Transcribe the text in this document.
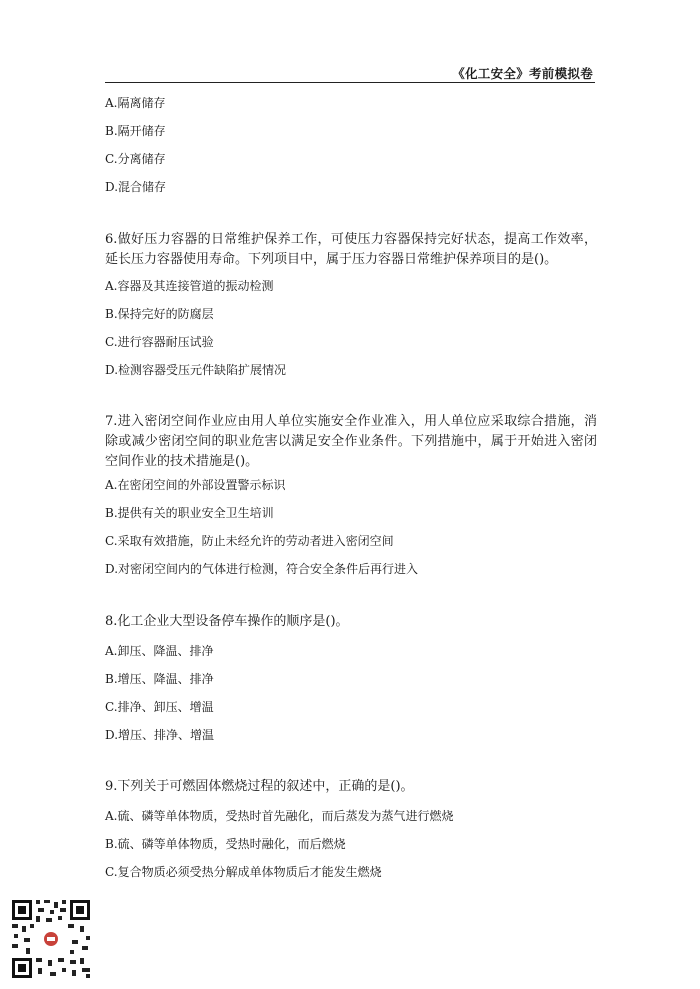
《化工安全》考前模拟卷
A.隔离储存
B.隔开储存
C.分离储存
D.混合储存
6.做好压力容器的日常维护保养工作，可使压力容器保持完好状态，提高工作效率，延长压力容器使用寿命。下列项目中，属于压力容器日常维护保养项目的是()。
A.容器及其连接管道的振动检测
B.保持完好的防腐层
C.进行容器耐压试验
D.检测容器受压元件缺陷扩展情况
7.进入密闭空间作业应由用人单位实施安全作业准入，用人单位应采取综合措施，消除或减少密闭空间的职业危害以满足安全作业条件。下列措施中，属于开始进入密闭空间作业的技术措施是()。
A.在密闭空间的外部设置警示标识
B.提供有关的职业安全卫生培训
C.采取有效措施，防止未经允许的劳动者进入密闭空间
D.对密闭空间内的气体进行检测，符合安全条件后再行进入
8.化工企业大型设备停车操作的顺序是()。
A.卸压、降温、排净
B.增压、降温、排净
C.排净、卸压、增温
D.增压、排净、增温
9.下列关于可燃固体燃烧过程的叙述中，正确的是()。
A.硫、磷等单体物质，受热时首先融化，而后蒸发为蒸气进行燃烧
B.硫、磷等单体物质，受热时融化，而后燃烧
C.复合物质必须受热分解成单体物质后才能发生燃烧
